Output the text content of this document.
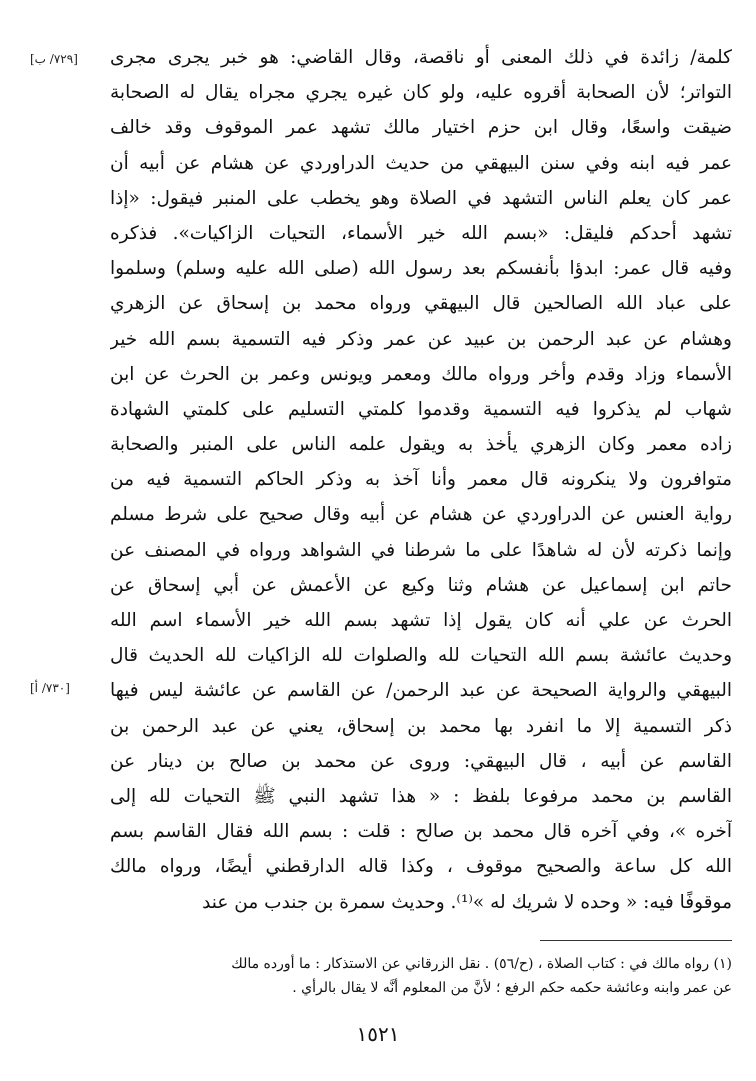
[٧٢٩/ ب]
[٧٣٠/ أ]
كلمة/ زائدة في ذلك المعنى أو ناقصة، وقال القاضي: هو خبر يجرى مجرى
التواتر؛ لأن الصحابة أقروه عليه، ولو كان غيره يجري مجراه يقال له الصحابة
ضيقت واسعًا، وقال ابن حزم اختيار مالك تشهد عمر الموقوف وقد خالف
عمر فيه ابنه وفي سنن البيهقي من حديث الدراوردي عن هشام عن أبيه أن
عمر كان يعلم الناس التشهد في الصلاة وهو يخطب على المنبر فيقول: «إذا
تشهد أحدكم فليقل: «بسم الله خير الأسماء، التحيات الزاكيات». فذكره
وفيه قال عمر: ابدؤا بأنفسكم بعد رسول الله (صلى الله عليه وسلم) وسلموا
على عباد الله الصالحين قال البيهقي ورواه محمد بن إسحاق عن الزهري
وهشام عن عبد الرحمن بن عبيد عن عمر وذكر فيه التسمية بسم الله خير
الأسماء وزاد وقدم وأخر ورواه مالك ومعمر ويونس وعمر بن الحرث عن ابن
شهاب لم يذكروا فيه التسمية وقدموا كلمتي التسليم على كلمتي الشهادة
زاده معمر وكان الزهري يأخذ به ويقول علمه الناس على المنبر والصحابة
متوافرون ولا ينكرونه قال معمر وأنا آخذ به وذكر الحاكم التسمية فيه من
رواية العنس عن الدراوردي عن هشام عن أبيه وقال صحيح على شرط مسلم
وإنما ذكرته لأن له شاهدًا على ما شرطنا في الشواهد ورواه في المصنف عن
حاتم ابن إسماعيل عن هشام وثنا وكيع عن الأعمش عن أبي إسحاق عن
الحرث عن علي أنه كان يقول إذا تشهد بسم الله خير الأسماء اسم الله
وحديث عائشة بسم الله التحيات لله والصلوات لله الزاكيات لله الحديث قال
البيهقي والرواية الصحيحة عن عبد الرحمن/ عن القاسم عن عائشة ليس فيها
ذكر التسمية إلا ما انفرد بها محمد بن إسحاق، يعني عن عبد الرحمن بن
القاسم عن أبيه ، قال البيهقي: وروى عن محمد بن صالح بن دينار عن
القاسم بن محمد مرفوعا بلفظ : « هذا تشهد النبي ﷺ التحيات لله إلى
آخره »، وفي آخره قال محمد بن صالح : قلت : بسم الله فقال القاسم بسم
الله كل ساعة والصحيح موقوف ، وكذا قاله الدارقطني أيضًا، ورواه مالك
موقوفًا فيه: « وحده لا شريك له »⁽¹⁾. وحديث سمرة بن جندب من عند
(١) رواه مالك في : كتاب الصلاة ، (ح/٥٦) . نقل الزرقاني عن الاستذكار : ما أورده مالك
عن عمر وابنه وعائشة حكمه حكم الرفع ؛ لأنَّ من المعلوم أنَّه لا يقال بالرأي .
١٥٢١
